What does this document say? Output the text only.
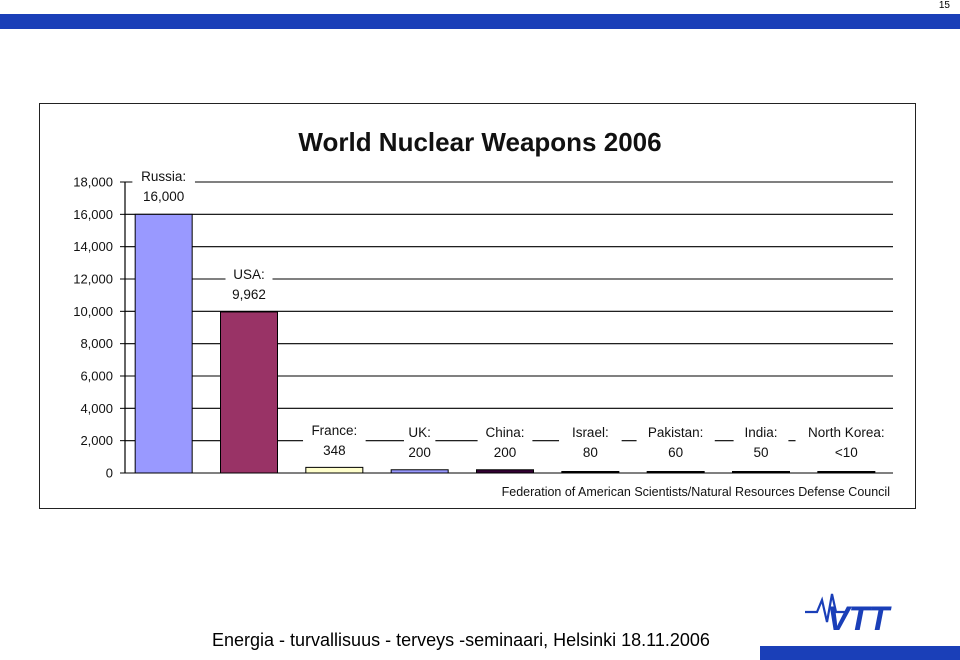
15
World Nuclear Weapons 2006
0
2,000
4,000
6,000
8,000
10,000
12,000
14,000
16,000
18,000 Russia:
16,000
USA:
9,962
France:
348
UK:
200
China:
200
Israel:
80
Pakistan:
60
India:
50
North Korea:
<10
Federation of American Scientists/Natural Resources Defense Council
Energia - turvallisuus - terveys -seminaari, Helsinki 18.11.2006
VTT
